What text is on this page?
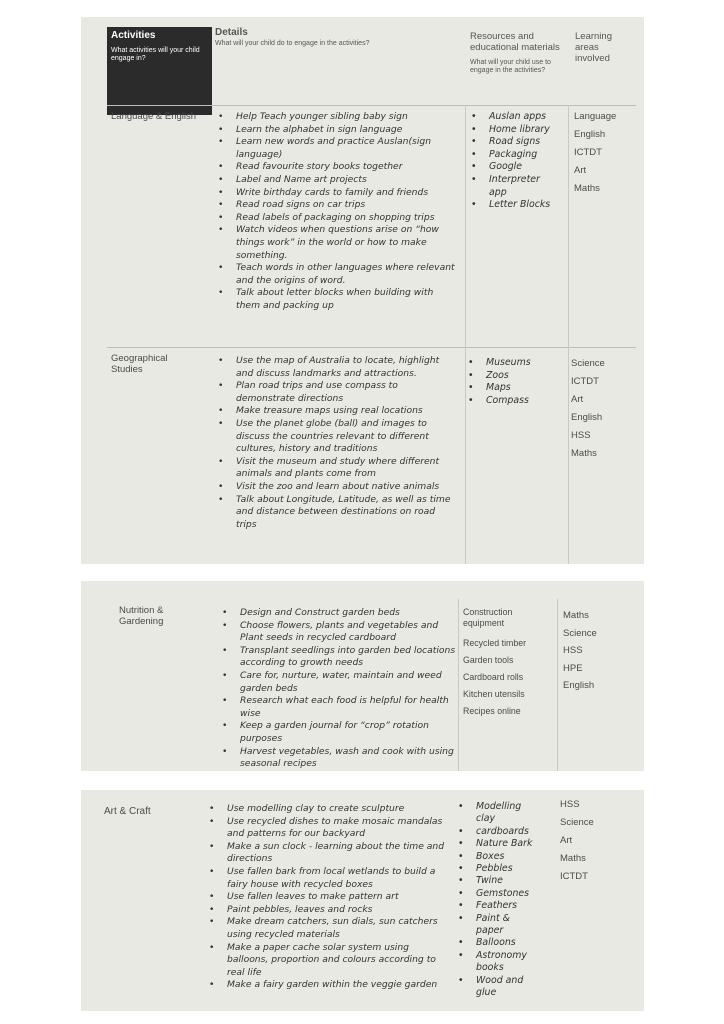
Activities
What activities will your child engage in?
Details
What will your child do to engage in the activities?
Resources and educational materials
What will your child use to engage in the activities?
Learning areas involved
Language & English	• Help Teach younger sibling baby sign
• Learn the alphabet in sign language
• Learn new words and practice Auslan(sign language)
• Read favourite story books together
• Label and Name art projects
• Write birthday cards to family and friends
• Read road signs on car trips
• Read labels of packaging on shopping trips
• Watch videos when questions arise on “how things work” in the world or how to make something.
• Teach words in other languages where relevant and the origins of word.
• Talk about letter blocks when building with them and packing up
• Auslan apps
• Home library
• Road signs
• Packaging
• Google
• Interpreter app
• Letter Blocks
Language
English
ICTDT
Art
Maths
Geographical Studies
• Use the map of Australia to locate, highlight and discuss landmarks and attractions.
• Plan road trips and use compass to demonstrate directions
• Make treasure maps using real locations
• Use the planet globe (ball) and images to discuss the countries relevant to different cultures, history and traditions
• Visit the museum and study where different animals and plants come from
• Visit the zoo and learn about native animals
• Talk about Longitude, Latitude, as well as time and distance between destinations on road trips
• Museums
• Zoos
• Maps
• Compass
Science
ICTDT
Art
English
HSS
Maths
Nutrition & Gardening
• Design and Construct garden beds
• Choose flowers, plants and vegetables and Plant seeds in recycled cardboard
• Transplant seedlings into garden bed locations according to growth needs
• Care for, nurture, water, maintain and weed garden beds
• Research what each food is helpful for health wise
• Keep a garden journal for “crop” rotation purposes
• Harvest vegetables, wash and cook with using seasonal recipes
Construction equipment
Recycled timber
Garden tools
Cardboard rolls
Kitchen utensils
Recipes online
Maths
Science
HSS
HPE
English
Art & Craft	• Use modelling clay to create sculpture
• Use recycled dishes to make mosaic mandalas and patterns for our backyard
• Make a sun clock - learning about the time and directions
• Use fallen bark from local wetlands to build a fairy house with recycled boxes
• Use fallen leaves to make pattern art
• Paint pebbles, leaves and rocks
• Make dream catchers, sun dials, sun catchers using recycled materials
• Make a paper cache solar system using balloons, proportion and colours according to real life
• Make a fairy garden within the veggie garden
• Modelling clay
• cardboards
• Nature Bark
• Boxes
• Pebbles
• Twine
• Gemstones
• Feathers
• Paint & paper
• Balloons
• Astronomy books
• Wood and glue
HSS
Science
Art
Maths
ICTDT
